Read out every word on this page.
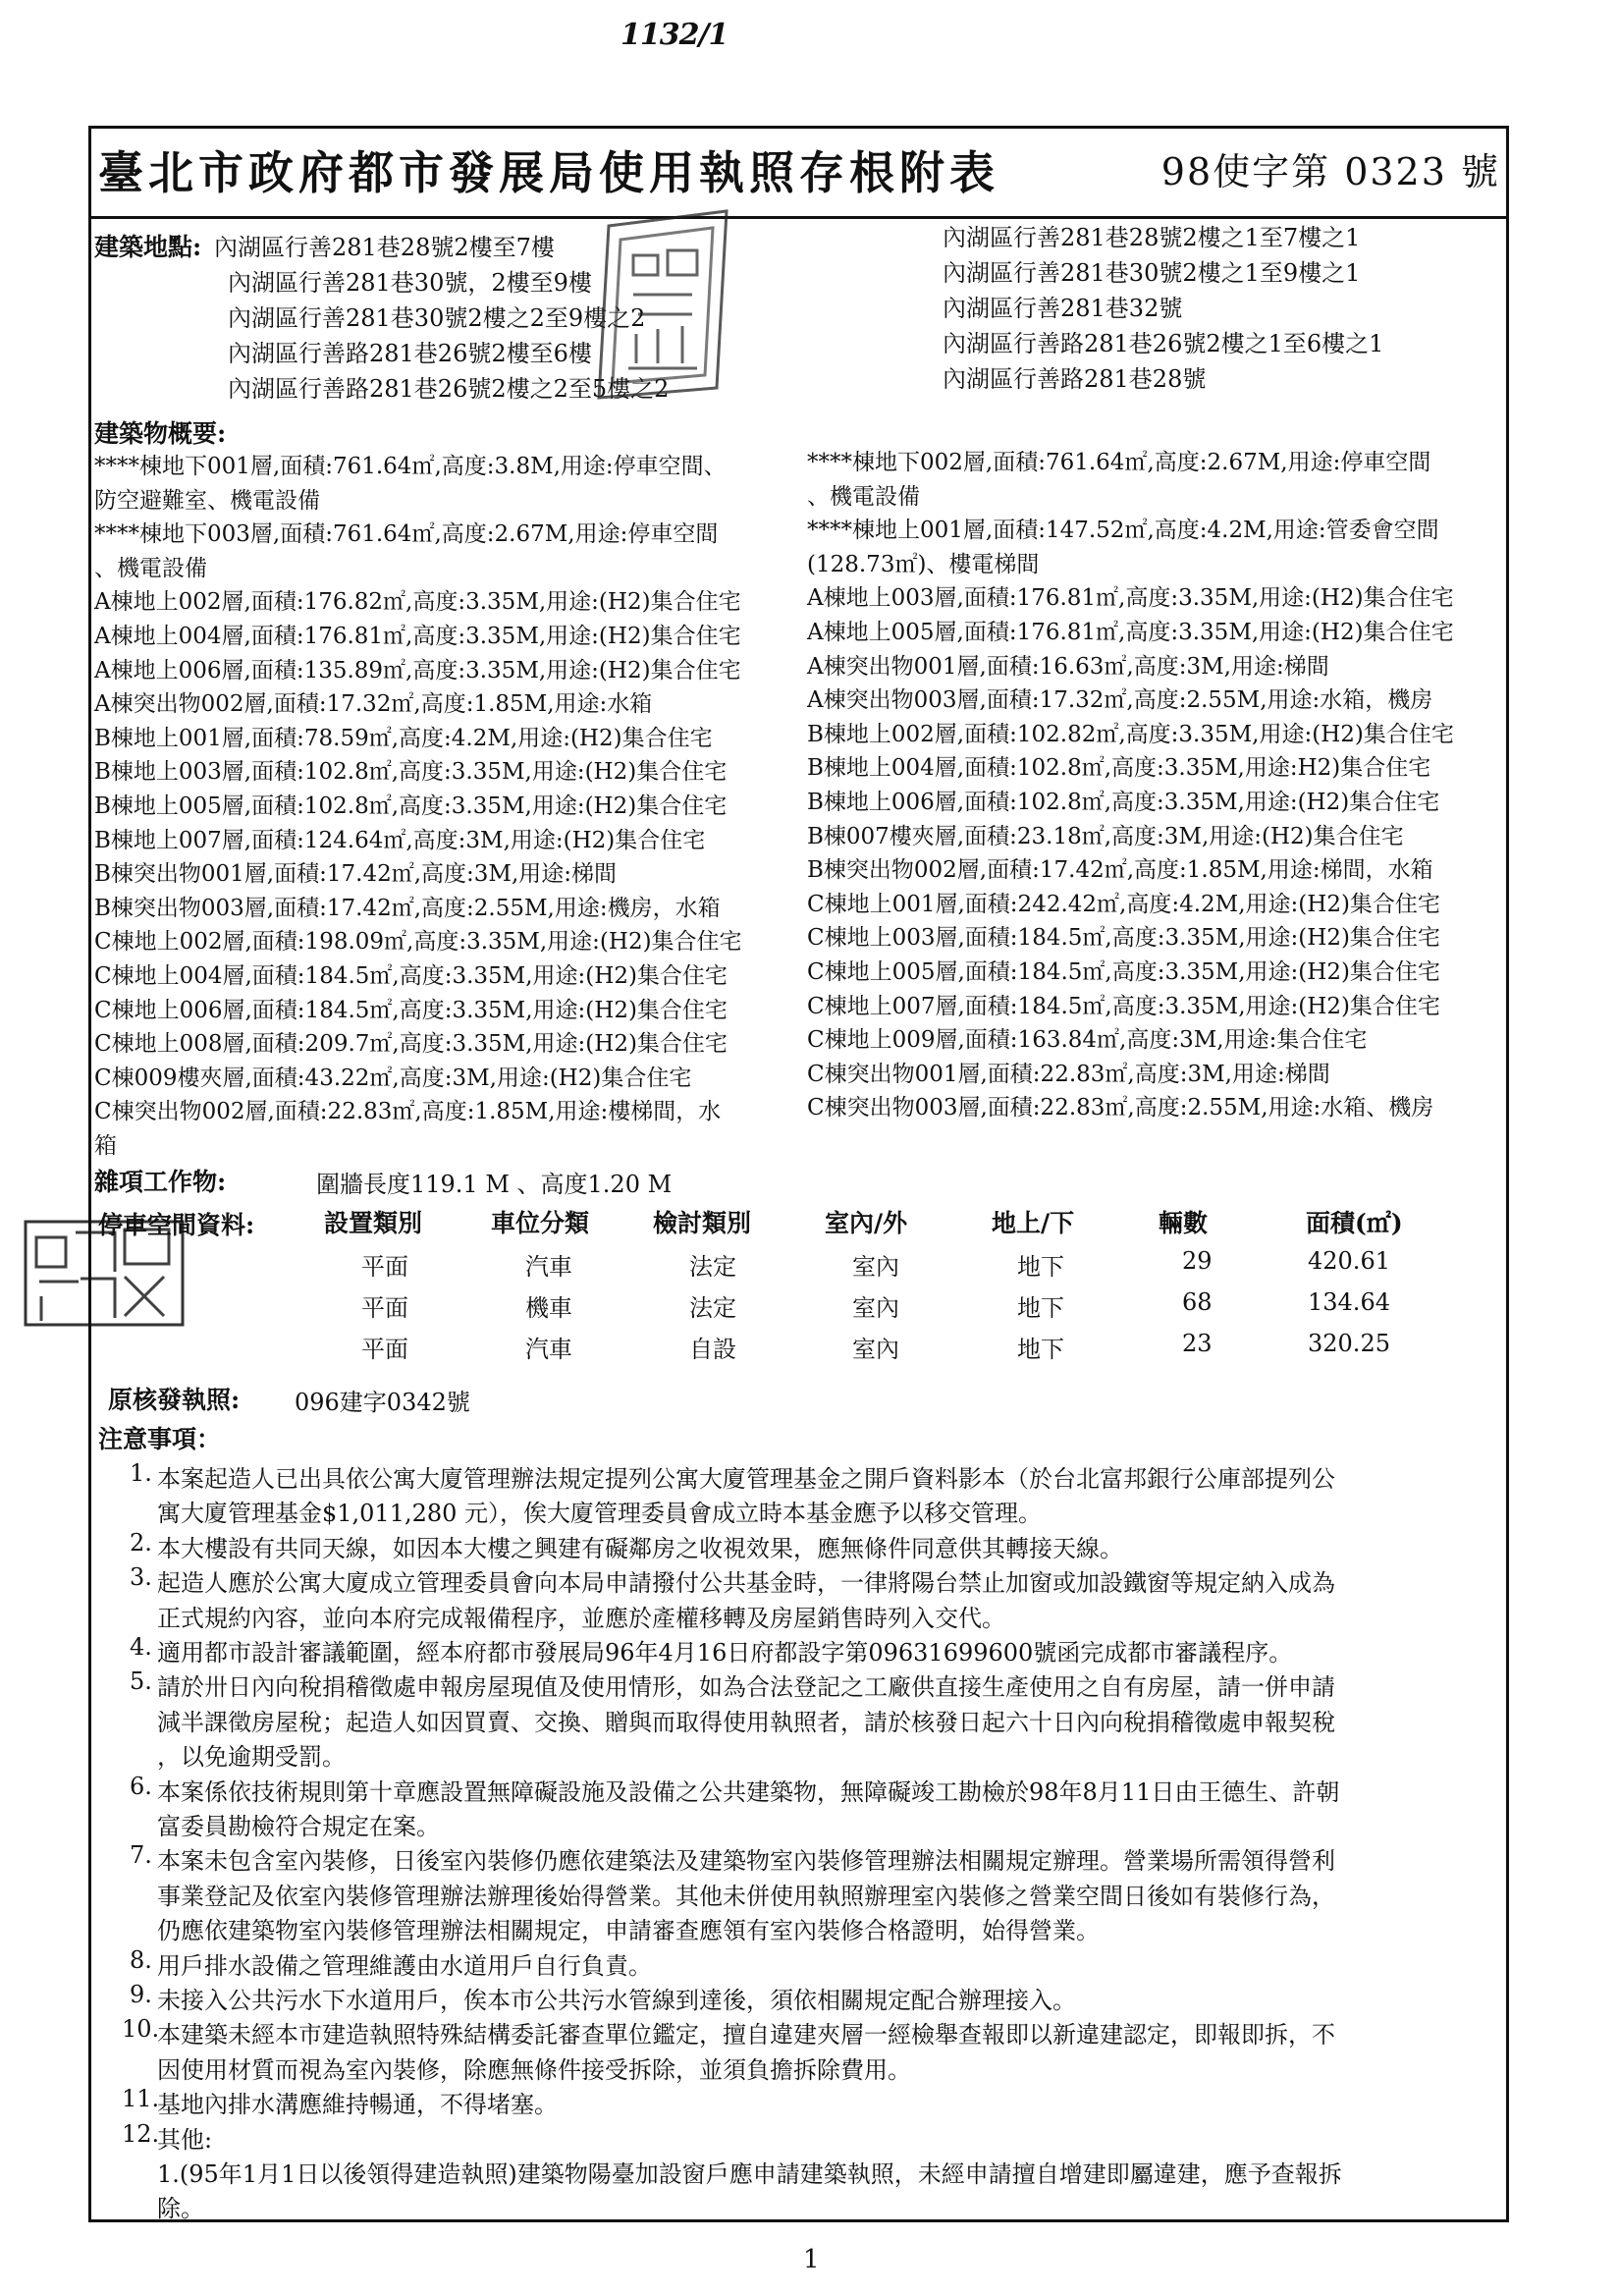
1132/1
臺北市政府都市發展局使用執照存根附表	98使字第 0323 號
建築地點: 內湖區行善281巷28號2樓至7樓
內湖區行善281巷30號，2樓至9樓
內湖區行善281巷30號2樓之2至9樓之2
內湖區行善路281巷26號2樓至6樓
內湖區行善路281巷26號2樓之2至5樓之2
內湖區行善281巷28號2樓之1至7樓之1
內湖區行善281巷30號2樓之1至9樓之1
內湖區行善281巷32號
內湖區行善路281巷26號2樓之1至6樓之1
內湖區行善路281巷28號
建築物概要:
****棟地下001層,面積:761.64㎡,高度:3.8M,用途:停車空間、
防空避難室、機電設備
****棟地下003層,面積:761.64㎡,高度:2.67M,用途:停車空間
、機電設備
A棟地上002層,面積:176.82㎡,高度:3.35M,用途:(H2)集合住宅
A棟地上004層,面積:176.81㎡,高度:3.35M,用途:(H2)集合住宅
A棟地上006層,面積:135.89㎡,高度:3.35M,用途:(H2)集合住宅
A棟突出物002層,面積:17.32㎡,高度:1.85M,用途:水箱
B棟地上001層,面積:78.59㎡,高度:4.2M,用途:(H2)集合住宅
B棟地上003層,面積:102.8㎡,高度:3.35M,用途:(H2)集合住宅
B棟地上005層,面積:102.8㎡,高度:3.35M,用途:(H2)集合住宅
B棟地上007層,面積:124.64㎡,高度:3M,用途:(H2)集合住宅
B棟突出物001層,面積:17.42㎡,高度:3M,用途:梯間
B棟突出物003層,面積:17.42㎡,高度:2.55M,用途:機房，水箱
C棟地上002層,面積:198.09㎡,高度:3.35M,用途:(H2)集合住宅
C棟地上004層,面積:184.5㎡,高度:3.35M,用途:(H2)集合住宅
C棟地上006層,面積:184.5㎡,高度:3.35M,用途:(H2)集合住宅
C棟地上008層,面積:209.7㎡,高度:3.35M,用途:(H2)集合住宅
C棟009樓夾層,面積:43.22㎡,高度:3M,用途:(H2)集合住宅
C棟突出物002層,面積:22.83㎡,高度:1.85M,用途:樓梯間，水
箱
****棟地下002層,面積:761.64㎡,高度:2.67M,用途:停車空間
、機電設備
****棟地上001層,面積:147.52㎡,高度:4.2M,用途:管委會空間
(128.73㎡)、樓電梯間
A棟地上003層,面積:176.81㎡,高度:3.35M,用途:(H2)集合住宅
A棟地上005層,面積:176.81㎡,高度:3.35M,用途:(H2)集合住宅
A棟突出物001層,面積:16.63㎡,高度:3M,用途:梯間
A棟突出物003層,面積:17.32㎡,高度:2.55M,用途:水箱，機房
B棟地上002層,面積:102.82㎡,高度:3.35M,用途:(H2)集合住宅
B棟地上004層,面積:102.8㎡,高度:3.35M,用途:H2)集合住宅
B棟地上006層,面積:102.8㎡,高度:3.35M,用途:(H2)集合住宅
B棟007樓夾層,面積:23.18㎡,高度:3M,用途:(H2)集合住宅
B棟突出物002層,面積:17.42㎡,高度:1.85M,用途:梯間，水箱
C棟地上001層,面積:242.42㎡,高度:4.2M,用途:(H2)集合住宅
C棟地上003層,面積:184.5㎡,高度:3.35M,用途:(H2)集合住宅
C棟地上005層,面積:184.5㎡,高度:3.35M,用途:(H2)集合住宅
C棟地上007層,面積:184.5㎡,高度:3.35M,用途:(H2)集合住宅
C棟地上009層,面積:163.84㎡,高度:3M,用途:集合住宅
C棟突出物001層,面積:22.83㎡,高度:3M,用途:梯間
C棟突出物003層,面積:22.83㎡,高度:2.55M,用途:水箱、機房
雜項工作物:	圍牆長度119.1 M 、高度1.20 M
停車空間資料:	設置類別	車位分類	檢討類別	室內/外	地上/下	輛數	面積(㎡)
平面	汽車	法定	室內	地下	29	420.61
平面	機車	法定	室內	地下	68	134.64
平面	汽車	自設	室內	地下	23	320.25
原核發執照: 096建字0342號
注意事項：
1. 本案起造人已出具依公寓大廈管理辦法規定提列公寓大廈管理基金之開戶資料影本（於台北富邦銀行公庫部提列公
寓大廈管理基金$1,011,280 元），俟大廈管理委員會成立時本基金應予以移交管理。
2. 本大樓設有共同天線，如因本大樓之興建有礙鄰房之收視效果，應無條件同意供其轉接天線。
3. 起造人應於公寓大廈成立管理委員會向本局申請撥付公共基金時，一律將陽台禁止加窗或加設鐵窗等規定納入成為
正式規約內容，並向本府完成報備程序，並應於產權移轉及房屋銷售時列入交代。
4. 適用都市設計審議範圍，經本府都市發展局96年4月16日府都設字第09631699600號函完成都市審議程序。
5. 請於卅日內向稅捐稽徵處申報房屋現值及使用情形，如為合法登記之工廠供直接生產使用之自有房屋，請一併申請
減半課徵房屋稅；起造人如因買賣、交換、贈與而取得使用執照者，請於核發日起六十日內向稅捐稽徵處申報契稅
，以免逾期受罰。
6. 本案係依技術規則第十章應設置無障礙設施及設備之公共建築物，無障礙竣工勘檢於98年8月11日由王德生、許朝
富委員勘檢符合規定在案。
7. 本案未包含室內裝修，日後室內裝修仍應依建築法及建築物室內裝修管理辦法相關規定辦理。營業場所需領得營利
事業登記及依室內裝修管理辦法辦理後始得營業。其他未併使用執照辦理室內裝修之營業空間日後如有裝修行為，
仍應依建築物室內裝修管理辦法相關規定，申請審查應領有室內裝修合格證明，始得營業。
8. 用戶排水設備之管理維護由水道用戶自行負責。
9. 未接入公共污水下水道用戶，俟本市公共污水管線到達後，須依相關規定配合辦理接入。
10.
本建築未經本市建造執照特殊結構委託審查單位鑑定，擅自違建夾層一經檢舉查報即以新違建認定，即報即拆，不
因使用材質而視為室內裝修，除應無條件接受拆除，並須負擔拆除費用。
11.
基地內排水溝應維持暢通，不得堵塞。
12.
其他:
1.(95年1月1日以後領得建造執照)建築物陽臺加設窗戶應申請建築執照，未經申請擅自增建即屬違建，應予查報拆
除。
1
